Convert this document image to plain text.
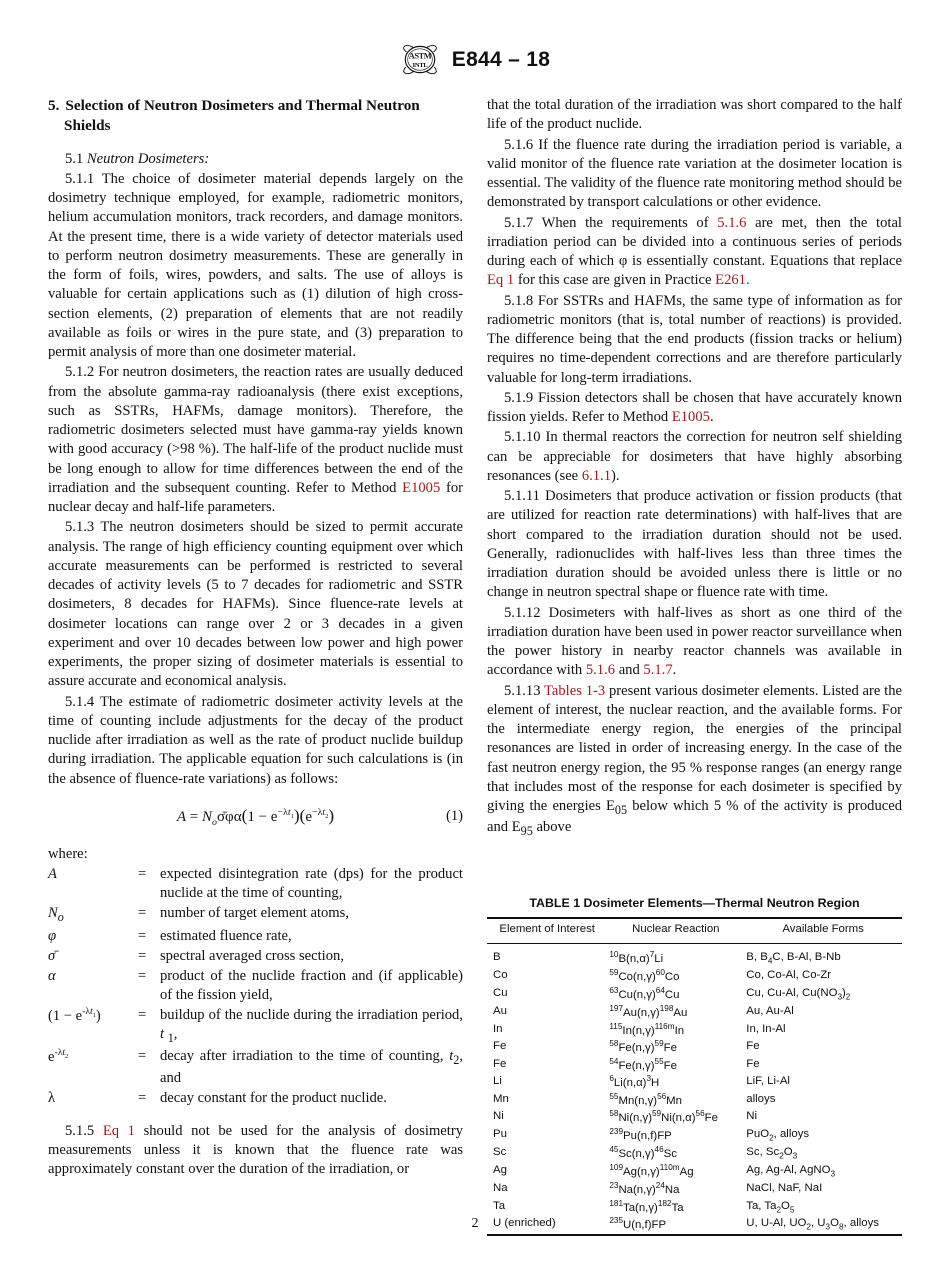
ASTM
INTL E844 – 18
5. Selection of Neutron Dosimeters and Thermal Neutron Shields

5.1 Neutron Dosimeters:

5.1.1 The choice of dosimeter material depends largely on the dosimetry technique employed, for example, radiometric monitors, helium accumulation monitors, track recorders, and damage monitors. At the present time, there is a wide variety of detector materials used to perform neutron dosimetry measurements. These are generally in the form of foils, wires, powders, and salts. The use of alloys is valuable for certain applications such as (1) dilution of high cross-section elements, (2) preparation of elements that are not readily available as foils or wires in the pure state, and (3) preparation to permit analysis of more than one dosimeter material.

5.1.2 For neutron dosimeters, the reaction rates are usually deduced from the absolute gamma-ray radioanalysis (there exist exceptions, such as SSTRs, HAFMs, damage monitors). Therefore, the radiometric dosimeters selected must have gamma-ray yields known with good accuracy (>98 %). The half-life of the product nuclide must be long enough to allow for time differences between the end of the irradiation and the subsequent counting. Refer to Method E1005 for nuclear decay and half-life parameters.

5.1.3 The neutron dosimeters should be sized to permit accurate analysis. The range of high efficiency counting equipment over which accurate measurements can be performed is restricted to several decades of activity levels (5 to 7 decades for radiometric and SSTR dosimeters, 8 decades for HAFMs). Since fluence-rate levels at dosimeter locations can range over 2 or 3 decades in a given experiment and over 10 decades between low power and high power experiments, the proper sizing of dosimeter materials is essential to assure accurate and economical analysis.

5.1.4 The estimate of radiometric dosimeter activity levels at the time of counting include adjustments for the decay of the product nuclide after irradiation as well as the rate of product nuclide buildup during irradiation. The applicable equation for such calculations is (in the absence of fluence-rate variations) as follows:

$A = N_o\sigmā\varphi\alpha(1 - e^{-\lambda t_1})(e^{-\lambda t_2})$	(1)

where:

A	=	expected disintegration rate (dps) for the product nuclide at the time of counting,
$N_o$	=	number of target element atoms,
φ	=	estimated fluence rate,
σ̄	=	spectral averaged cross section,
α	=	product of the nuclide fraction and (if applicable) of the fission yield,
$(1 - e^{-\lambda t_1})$	=	buildup of the nuclide during the irradiation period, t $_1$,
$e^{-\lambda t_2}$	=	decay after irradiation to the time of counting, $t_2$, and
λ	=	decay constant for the product nuclide.

5.1.5 Eq 1 should not be used for the analysis of dosimetry measurements unless it is known that the fluence rate was approximately constant over the duration of the irradiation, or

that the total duration of the irradiation was short compared to the half life of the product nuclide.

5.1.6 If the fluence rate during the irradiation period is variable, a valid monitor of the fluence rate variation at the dosimeter location is essential. The validity of the fluence rate monitoring method should be demonstrated by transport calculations or other evidence.

5.1.7 When the requirements of 5.1.6 are met, then the total irradiation period can be divided into a continuous series of periods during each of which φ is essentially constant. Equations that replace Eq 1 for this case are given in Practice E261.

5.1.8 For SSTRs and HAFMs, the same type of information as for radiometric monitors (that is, total number of reactions) is provided. The difference being that the end products (fission tracks or helium) requires no time-dependent corrections and are therefore particularly valuable for long-term irradiations.

5.1.9 Fission detectors shall be chosen that have accurately known fission yields. Refer to Method E1005.

5.1.10 In thermal reactors the correction for neutron self shielding can be appreciable for dosimeters that have highly absorbing resonances (see 6.1.1).

5.1.11 Dosimeters that produce activation or fission products (that are utilized for reaction rate determinations) with half-lives that are short compared to the irradiation duration should not be used. Generally, radionuclides with half-lives less than three times the irradiation duration should be avoided unless there is little or no change in neutron spectral shape or fluence rate with time.

5.1.12 Dosimeters with half-lives as short as one third of the irradiation duration have been used in power reactor surveillance when the power history in nearby reactor channels was available in accordance with 5.1.6 and 5.1.7.

5.1.13 Tables 1-3 present various dosimeter elements. Listed are the element of interest, the nuclear reaction, and the available forms. For the intermediate energy region, the energies of the principal resonances are listed in order of increasing energy. In the case of the fast neutron energy region, the 95 % response ranges (an energy range that includes most of the response for each dosimeter is specified by giving the energies $E_{05}$ below which 5 % of the activity is produced and $E_{95}$ above

TABLE 1 Dosimeter Elements—Thermal Neutron Region
Element of Interest	Nuclear Reaction	Available Forms

B	$^{10}B(n,\alpha)^7Li$	B, $B_4C$, B-Al, B-Nb
Co	$^{59}Co(n,\gamma)^{60}Co$	Co, Co-Al, Co-Zr
Cu	$^{63}Cu(n,\gamma)^{64}Cu$	Cu, Cu-Al, $Cu(NO_3)_2$
Au	$^{197}Au(n,\gamma)^{198}Au$	Au, Au-Al
In	$^{115}In(n,\gamma)^{116m}In$	In, In-Al
Fe	$^{58}Fe(n,\gamma)^{59}Fe$	Fe
Fe	$^{54}Fe(n,\gamma)^{55}Fe$	Fe
Li	$^6Li(n,\alpha)^3H$	LiF, Li-Al
Mn	$^{55}Mn(n,\gamma)^{56}Mn$	alloys
Ni	$^{58}Ni(n,\gamma)^{59}Ni(n,\alpha)^{56}Fe$	Ni
Pu	$^{239}$Pu(n,f)FP	PuO$_2$, alloys
Sc	$^{45}Sc(n,\gamma)^{46}Sc$	Sc, $Sc_2O_3$
Ag	$^{109}Ag(n,\gamma)^{110m}Ag$	Ag, Ag-Al, AgNO$_3$
Na	$^{23}Na(n,\gamma)^{24}Na$	NaCl, NaF, NaI
Ta	$^{181}Ta(n,\gamma)^{182}Ta$	Ta, $Ta_2O_5$
U (enriched)	$^{235}$U(n,f)FP	U, U-Al, $UO_2$, $U_3O_8$, alloys
2
